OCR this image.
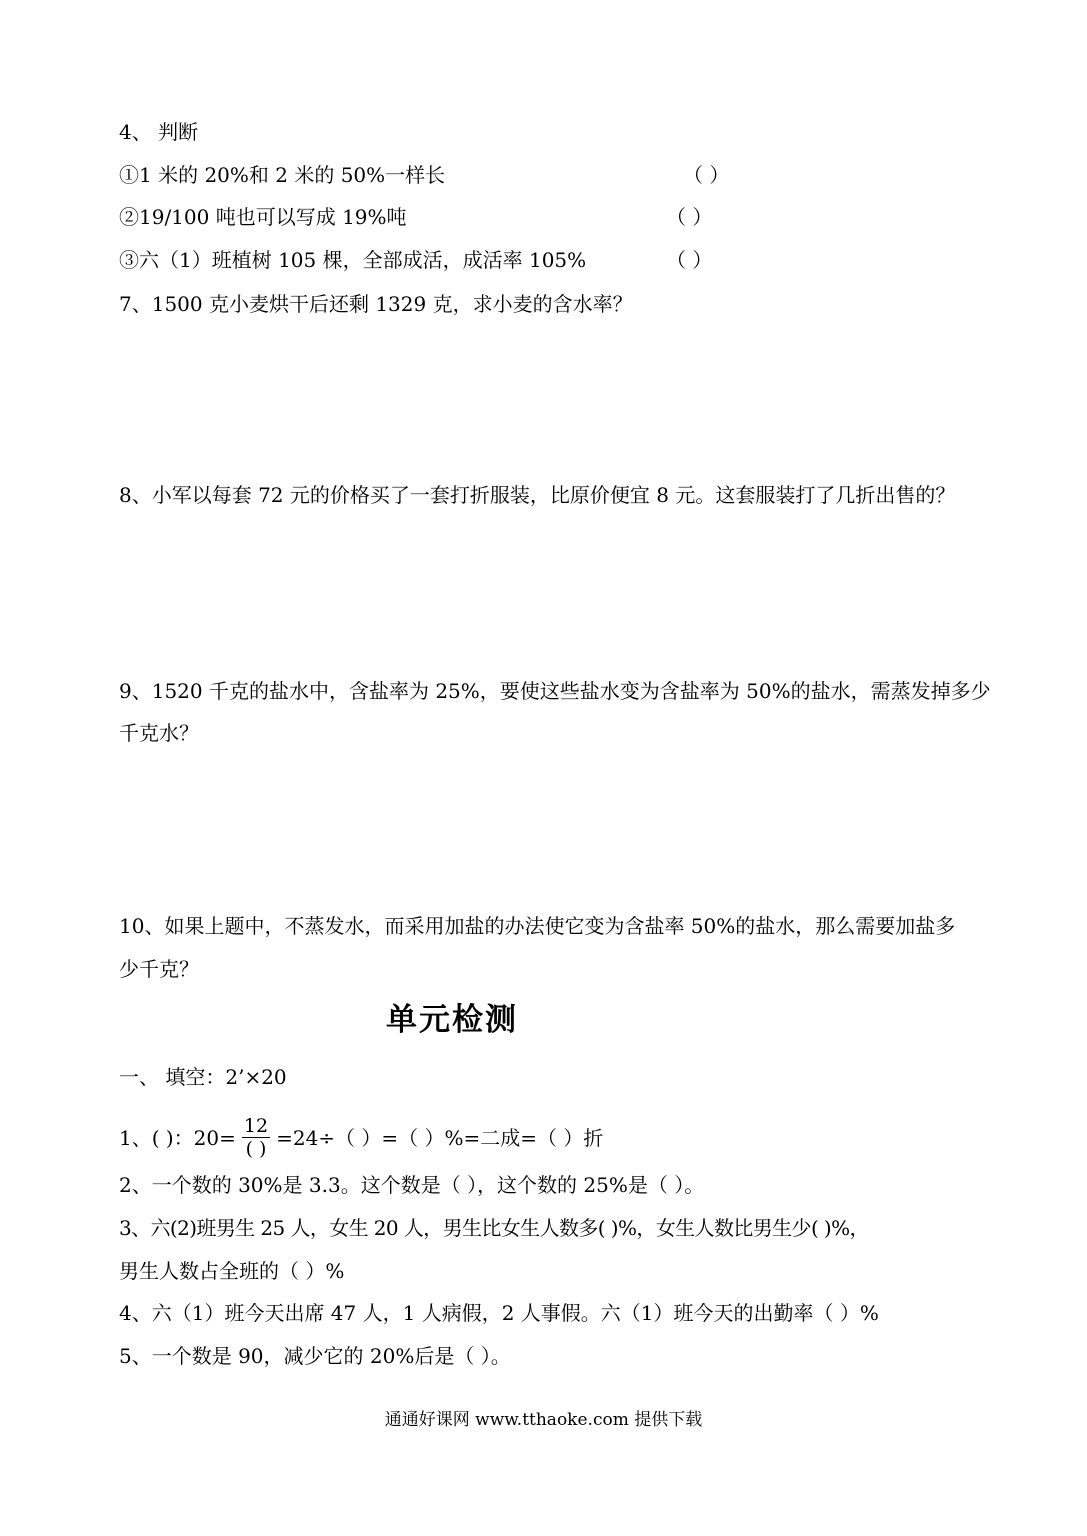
4、 判断
①1 米的 20%和 2 米的 50%一样长	（ ）
②19/100 吨也可以写成 19%吨	（ ）
③六（1）班植树 105 棵，全部成活，成活率 105%	（ ）
7、1500 克小麦烘干后还剩 1329 克，求小麦的含水率？
8、小军以每套 72 元的价格买了一套打折服装，比原价便宜 8 元。这套服装打了几折出售的？
9、1520 千克的盐水中，含盐率为 25%，要使这些盐水变为含盐率为 50%的盐水，需蒸发掉多少
千克水？
10、如果上题中，不蒸发水，而采用加盐的办法使它变为含盐率 50%的盐水，那么需要加盐多
少千克？
单元检测
一、 填空：2’×20
1、( )：$20= \frac{12}{( )} =24\div$（ ）=（ ）%=二成=（ ）折
2、一个数的 30%是 3.3。这个数是（ ），这个数的 25%是（ ）。
3、六(2)班男生 25 人，女生 20 人，男生比女生人数多( )%，女生人数比男生少( )%，
男生人数占全班的（ ）%
4、六（1）班今天出席 47 人，1 人病假，2 人事假。六（1）班今天的出勤率（ ）%
5、一个数是 90，减少它的 20%后是（ ）。
通通好课网 www.tthaoke.com 提供下载
